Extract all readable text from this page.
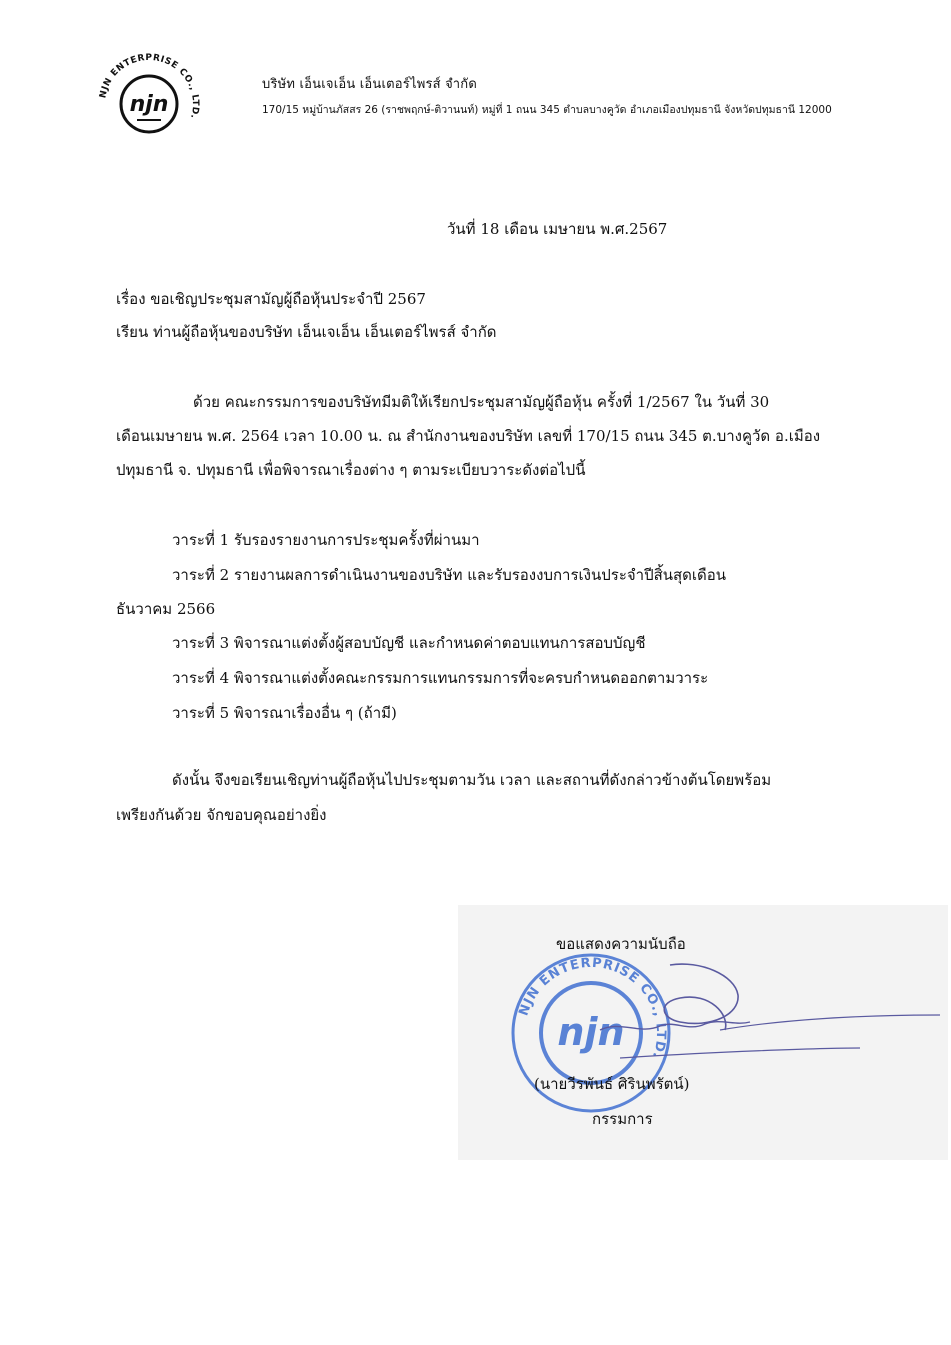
njn
NJN ENTERPRISE CO., LTD.
บริษัท เอ็นเจเอ็น เอ็นเตอร์ไพรส์ จำกัด
170/15 หมู่บ้านภัสสร 26 (ราชพฤกษ์-ติวานนท์) หมู่ที่ 1 ถนน 345 ตำบลบางคูวัด อำเภอเมืองปทุมธานี จังหวัดปทุมธานี 12000
วันที่ 18 เดือน เมษายน พ.ศ.2567
เรื่อง ขอเชิญประชุมสามัญผู้ถือหุ้นประจำปี 2567
เรียน ท่านผู้ถือหุ้นของบริษัท เอ็นเจเอ็น เอ็นเตอร์ไพรส์ จำกัด
ด้วย คณะกรรมการของบริษัทมีมติให้เรียกประชุมสามัญผู้ถือหุ้น ครั้งที่ 1/2567 ใน วันที่ 30
เดือนเมษายน พ.ศ. 2564 เวลา 10.00 น. ณ สำนักงานของบริษัท เลขที่ 170/15 ถนน 345 ต.บางคูวัด อ.เมือง
ปทุมธานี จ. ปทุมธานี เพื่อพิจารณาเรื่องต่าง ๆ ตามระเบียบวาระดังต่อไปนี้
วาระที่ 1 รับรองรายงานการประชุมครั้งที่ผ่านมา
วาระที่ 2 รายงานผลการดำเนินงานของบริษัท และรับรองงบการเงินประจำปีสิ้นสุดเดือน
ธันวาคม 2566
วาระที่ 3 พิจารณาแต่งตั้งผู้สอบบัญชี และกำหนดค่าตอบแทนการสอบบัญชี
วาระที่ 4 พิจารณาแต่งตั้งคณะกรรมการแทนกรรมการที่จะครบกำหนดออกตามวาระ
วาระที่ 5 พิจารณาเรื่องอื่น ๆ (ถ้ามี)
ดังนั้น จึงขอเรียนเชิญท่านผู้ถือหุ้นไปประชุมตามวัน เวลา และสถานที่ดังกล่าวข้างต้นโดยพร้อม
เพรียงกันด้วย จักขอบคุณอย่างยิ่ง
ขอแสดงความนับถือ
njn
NJN ENTERPRISE CO., LTD.
(นายวีรพันธ์ ศิรินพรัตน์)
กรรมการ
